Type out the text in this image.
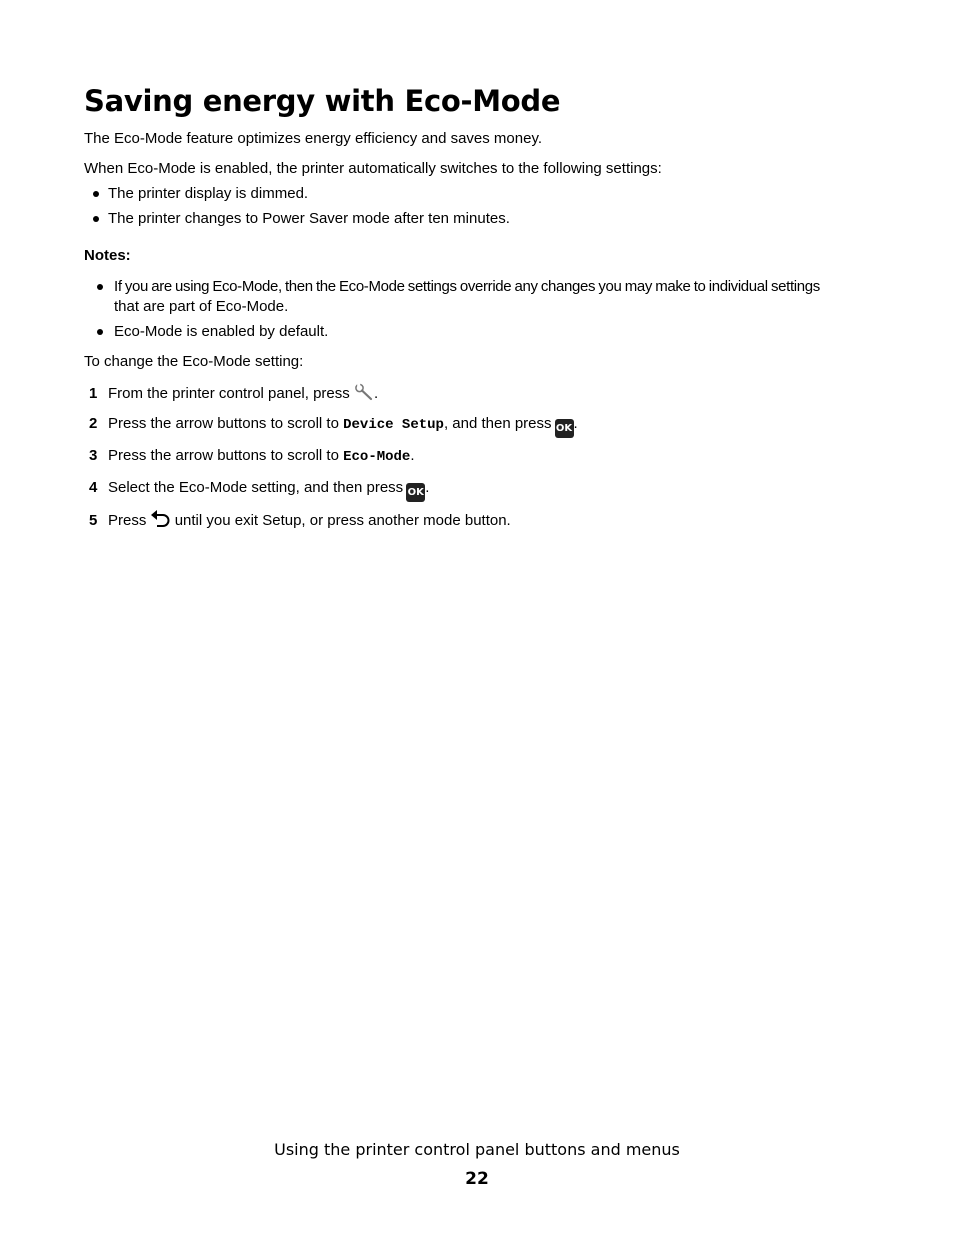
Saving energy with Eco-Mode

The Eco-Mode feature optimizes energy efficiency and saves money.

When Eco-Mode is enabled, the printer automatically switches to the following settings:

The printer display is dimmed.
The printer changes to Power Saver mode after ten minutes.
Notes:
If you are using Eco-Mode, then the Eco-Mode settings override any changes you may make to individual settings
that are part of Eco-Mode.
Eco-Mode is enabled by default.

To change the Eco-Mode setting:

1 From the printer control panel, press .
2 Press the arrow buttons to scroll to Device Setup, and then press OK.
3 Press the arrow buttons to scroll to Eco-Mode.
4 Select the Eco-Mode setting, and then press OK.
5 Press until you exit Setup, or press another mode button.
Using the printer control panel buttons and menus
22
